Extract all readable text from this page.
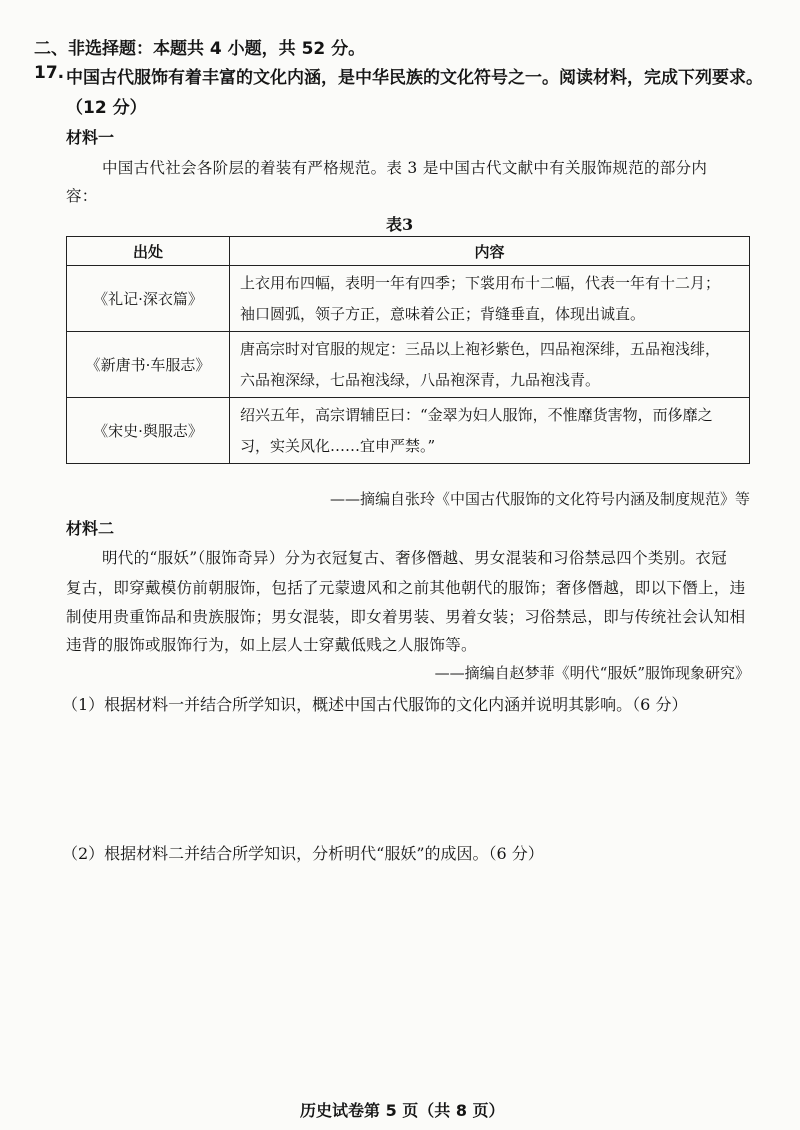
二、非选择题：本题共 4 小题，共 52 分。
17. 中国古代服饰有着丰富的文化内涵，是中华民族的文化符号之一。阅读材料，完成下列要求。
（12 分）
材料一
中国古代社会各阶层的着装有严格规范。表 3 是中国古代文献中有关服饰规范的部分内
容：
表3
出处	内容
《礼记·深衣篇》	上衣用布四幅，表明一年有四季；下裳用布十二幅，代表一年有十二月；
袖口圆弧，领子方正，意味着公正；背缝垂直，体现出诚直。

《新唐书·车服志》	唐高宗时对官服的规定：三品以上袍衫紫色，四品袍深绯，五品袍浅绯，
六品袍深绿，七品袍浅绿，八品袍深青，九品袍浅青。

《宋史·舆服志》	绍兴五年，高宗谓辅臣曰：“金翠为妇人服饰，不惟靡货害物，而侈靡之
习，实关风化……宜申严禁。”
——摘编自张玲《中国古代服饰的文化符号内涵及制度规范》等
材料二
明代的“服妖”（服饰奇异）分为衣冠复古、奢侈僭越、男女混装和习俗禁忌四个类别。衣冠
复古，即穿戴模仿前朝服饰，包括了元蒙遗风和之前其他朝代的服饰；奢侈僭越，即以下僭上，违
制使用贵重饰品和贵族服饰；男女混装，即女着男装、男着女装；习俗禁忌，即与传统社会认知相
违背的服饰或服饰行为，如上层人士穿戴低贱之人服饰等。
——摘编自赵梦菲《明代“服妖”服饰现象研究》
（1）根据材料一并结合所学知识，概述中国古代服饰的文化内涵并说明其影响。（6 分）
（2）根据材料二并结合所学知识，分析明代“服妖”的成因。（6 分）
历史试卷第 5 页（共 8 页）
